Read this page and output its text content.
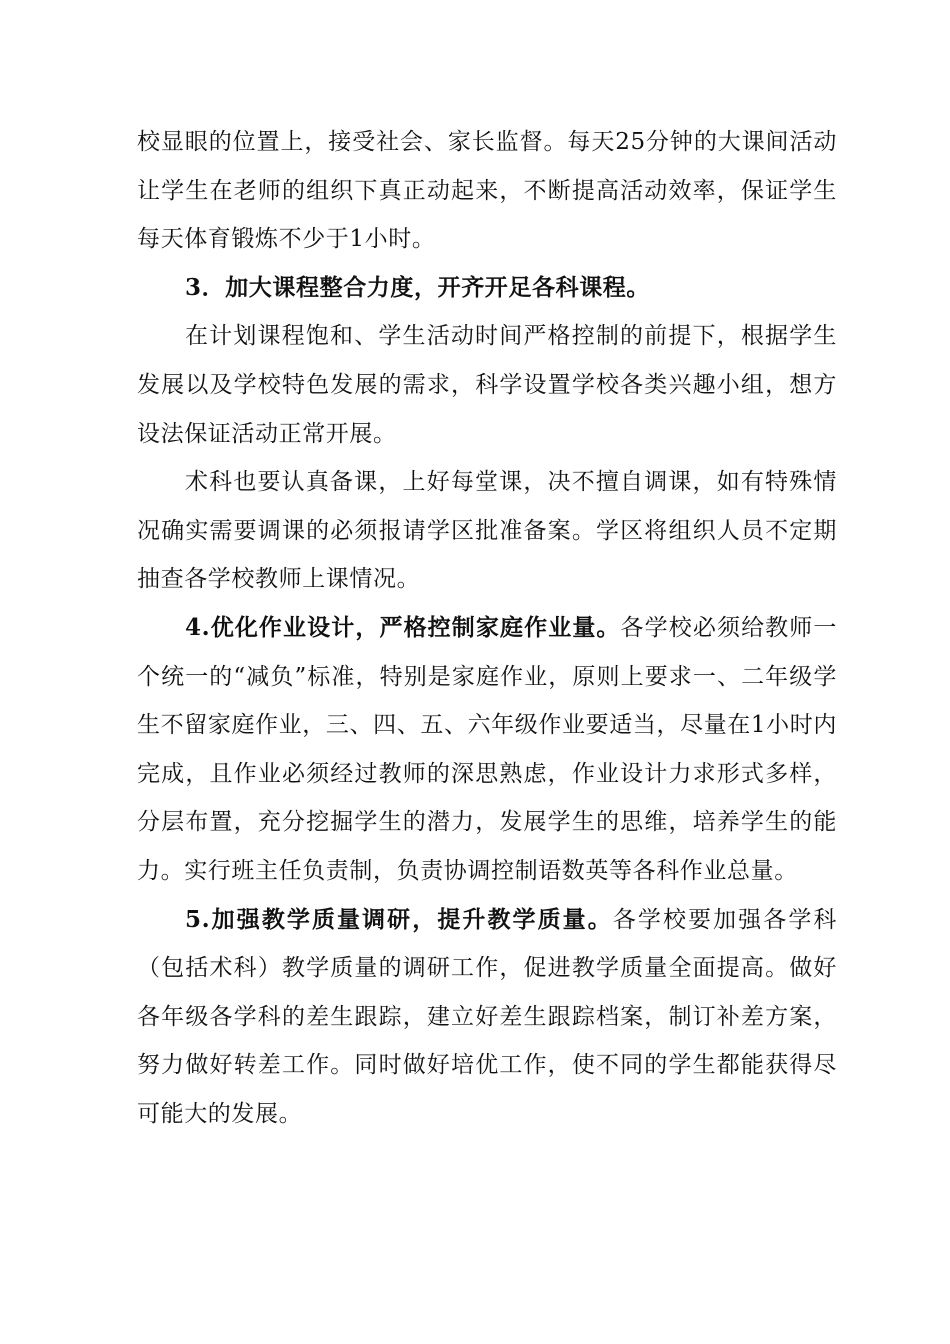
校显眼的位置上，接受社会、家长监督。每天25分钟的大课间活动让学生在老师的组织下真正动起来，不断提高活动效率，保证学生每天体育锻炼不少于1小时。

3．加大课程整合力度，开齐开足各科课程。

在计划课程饱和、学生活动时间严格控制的前提下，根据学生发展以及学校特色发展的需求，科学设置学校各类兴趣小组，想方设法保证活动正常开展。

术科也要认真备课，上好每堂课，决不擅自调课，如有特殊情况确实需要调课的必须报请学区批准备案。学区将组织人员不定期抽查各学校教师上课情况。

4.优化作业设计，严格控制家庭作业量。各学校必须给教师一个统一的“减负”标准，特别是家庭作业，原则上要求一、二年级学生不留家庭作业，三、四、五、六年级作业要适当，尽量在1小时内完成，且作业必须经过教师的深思熟虑，作业设计力求形式多样，分层布置，充分挖掘学生的潜力，发展学生的思维，培养学生的能力。实行班主任负责制，负责协调控制语数英等各科作业总量。

5.加强教学质量调研，提升教学质量。各学校要加强各学科（包括术科）教学质量的调研工作，促进教学质量全面提高。做好各年级各学科的差生跟踪，建立好差生跟踪档案，制订补差方案，努力做好转差工作。同时做好培优工作，使不同的学生都能获得尽可能大的发展。
